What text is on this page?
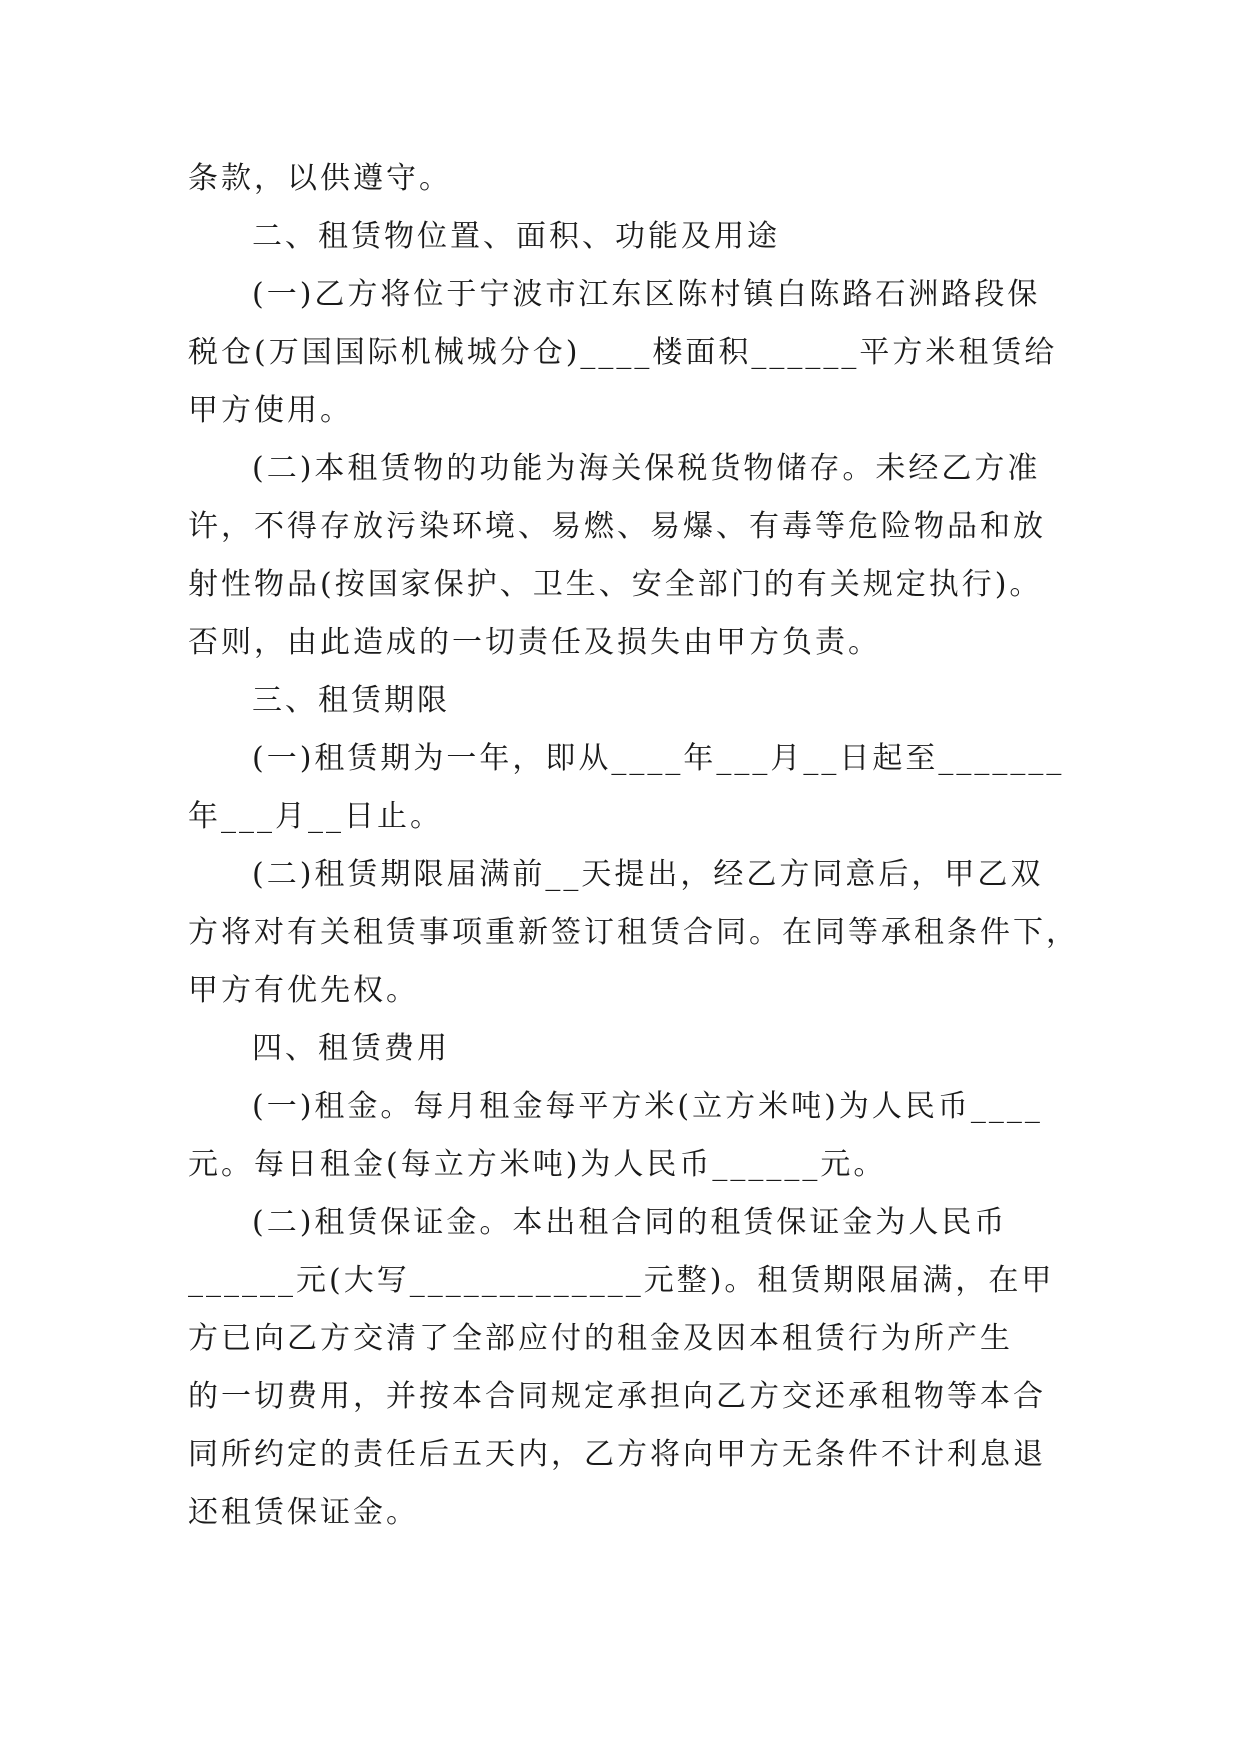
条款，以供遵守。
二、租赁物位置、面积、功能及用途
(一)乙方将位于宁波市江东区陈村镇白陈路石洲路段保
税仓(万国国际机械城分仓)____楼面积______平方米租赁给
甲方使用。
(二)本租赁物的功能为海关保税货物储存。未经乙方准
许，不得存放污染环境、易燃、易爆、有毒等危险物品和放
射性物品(按国家保护、卫生、安全部门的有关规定执行)。
否则，由此造成的一切责任及损失由甲方负责。
三、租赁期限
(一)租赁期为一年，即从____年___月__日起至_______
年___月__日止。
(二)租赁期限届满前__天提出，经乙方同意后，甲乙双
方将对有关租赁事项重新签订租赁合同。在同等承租条件下，
甲方有优先权。
四、租赁费用
(一)租金。每月租金每平方米(立方米吨)为人民币____
元。每日租金(每立方米吨)为人民币______元。
(二)租赁保证金。本出租合同的租赁保证金为人民币
______元(大写_____________元整)。租赁期限届满，在甲
方已向乙方交清了全部应付的租金及因本租赁行为所产生
的一切费用，并按本合同规定承担向乙方交还承租物等本合
同所约定的责任后五天内，乙方将向甲方无条件不计利息退
还租赁保证金。
